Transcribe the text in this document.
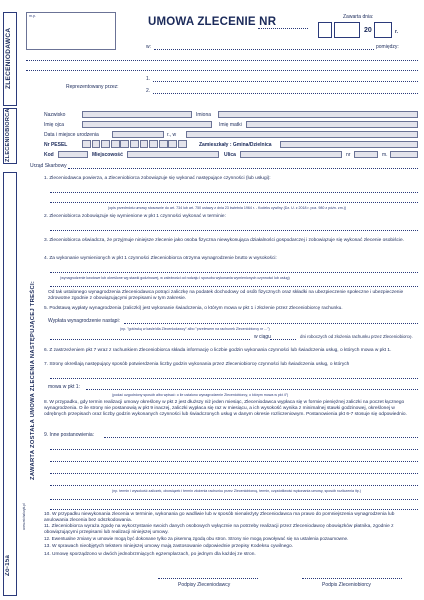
ZLECENIODAWCA
m.p.	UMOWA ZLECENIE NR	Zawarta dnia:
20	r.
w:	pomiędzy:
Reprezentowany przez:
1.
2.
ZLECENIOBIORCA	Nazwisko	Imiona
Imię ojca	Imię matki
Data i miejsce urodzenia	r., w
Nr PESEL	Zamieszkały : Gmina/Dzielnica
Kod	Miejscowość	Ulica	nr	m.
Urząd Skarbowy
www.michalczyk.pl
ZAWARTA ZOSTAŁA UMOWA ZLECENIA NASTĘPUJĄCEJ TREŚCI:
Zo-15a
1. Zleceniodawca powierza, a Zleceniobiorca zobowiązuje się wykonać następujące czynności (lub usługi):
(opis przedmiotu umowy stosownie do art. 734 lub art. 750 ustawy z dnia 23 kwietnia 1964 r. - Kodeks cywilny (Dz. U. z 2018 r. poz. 980 z późn. zm.))
2. Zleceniobiorca zobowiązuje się wymienione w pkt 1 czynności wykonać w terminie:
3. Zleceniobiorca oświadcza, że przyjmuje niniejsze zlecenie jako osoba fizyczna niewykonująca działalności gospodarczej i zobowiązuje się wykonać zlecenie osobiście.
4. Za wykonanie wymienionych w pkt 1 czynności Zleceniobiorca otrzyma wynagrodzenie brutto w wysokości:
(wynagrodzenie kwotowe lub określone wg stawki godzinowej, w zależności od rodzaju i sposobu wykonania wymienionych czynności lub usług)
Od tak ustalonego wynagrodzenia Zleceniodawca potrąci zaliczkę na podatek dochodowy od osób fizycznych oraz składki na ubezpieczenie społeczne i ubezpieczenie zdrowotne zgodnie z obowiązującymi przepisami w tym zakresie.
5. Podstawą wypłaty wynagrodzenia (zaliczki) jest wykonanie świadczenia, o którym mowa w pkt 1 i złożenie przez Zleceniobiorcę rachunku.
Wypłata wynagrodzenie nastąpi:
(np. "gotówką w kasie/dla Zleceniodawcy" albo "przelewem na rachunek Zleceniobiorcy nr ...")
w ciągu	dni roboczych od złożenia rachunku przez Zleceniobiorcę.
6. Z zastrzeżeniem pkt 7 wraz z rachunkiem Zleceniobiorca składa informację o liczbie godzin wykonania czynności lub świadczenia usług, o których mowa w pkt 1.
7. Strony określają następujący sposób potwierdzenia liczby godzin wykonania przez Zleceniobiorcę czynności lub świadczenia usług, o których
mowa w pkt 1:
(podać uzgodniony sposób albo wpisać: o ile ustalono wynagrodzenie Zleceniobiorcy, o którym mowa w pkt 4")
8. W przypadku, gdy termin realizacji umowy określony w pkt 2 jest dłuższy niż jeden miesiąc, Zleceniodawca wypłaca się w formie pieniężnej zaliczki na poczet łącznego wynagrodzenia. O ile strony nie postanowią w pkt 9 inaczej, zaliczki wypłaca się raz w miesiącu, a ich wysokość wynika z minimalnej stawki godzinowej, określonej w odrębnych przepisach oraz liczby godzin wykonanych czynności lub świadczonych usług w danym okresie rozliczeniowym. Postanowienia pkt 6-7 stosuje się odpowiednio.
9. Inne postanowienia:
(np. termin i wysokość zaliczek, obowiązek i termin złożenia rachunku przez Zleceniobiorcę, termin, częstotliwość wykonania umowy, sposób rozliczenia itp.)
10. W przypadku niewykonania zlecenia w terminie, wykonania go wadliwie lub w sposób nienależyty Zleceniodawca ma prawo do pomniejszenia wynagrodzenia lub anulowania zlecenia bez odszkodowania.
11. Zleceniobiorca wyraża zgodę na wykorzystanie swoich danych osobowych wyłącznie na potrzeby realizacji przez Zleceniodawcę obowiązków płatnika, zgodnie z obowiązującymi przepisami lub realizacji niniejszej umowy.
12. Ewentualne zmiany w umowie mogą być dokonane tylko za pisemną zgodą obu stron. Strony nie mogą powoływać się na ustalenia pozaumowne.
13. W sprawach nieobjętych tekstem niniejszej umowy mają zastosowanie odpowiednie przepisy Kodeksu cywilnego.
14. Umowę sporządzono w dwóch jednobrzmiących egzemplarzach, po jednym dla każdej ze stron.
Podpisy Zleceniodawcy	Podpis Zleceniobiorcy
